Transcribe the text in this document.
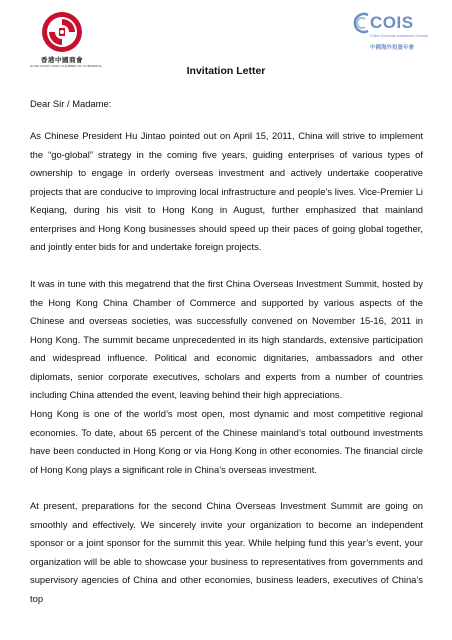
香港中國商會
HONG KONG CHINA CHAMBER OF COMMERCE
COIS
China Overseas Investment Summit
中國海外投資年會
Invitation Letter
Dear Sir / Madame:
As Chinese President Hu Jintao pointed out on April 15, 2011, China will strive to implement the “go-global” strategy in the coming five years, guiding enterprises of various types of ownership to engage in orderly overseas investment and actively undertake cooperative projects that are conducive to improving local infrastructure and people’s lives. Vice-Premier Li Keqiang, during his visit to Hong Kong in August, further emphasized that mainland enterprises and Hong Kong businesses should speed up their paces of going global together, and jointly enter bids for and undertake foreign projects.
It was in tune with this megatrend that the first China Overseas Investment Summit, hosted by the Hong Kong China Chamber of Commerce and supported by various aspects of the Chinese and overseas societies, was successfully convened on November 15-16, 2011 in Hong Kong. The summit became unprecedented in its high standards, extensive participation and widespread influence. Political and economic dignitaries, ambassadors and other diplomats, senior corporate executives, scholars and experts from a number of countries including China attended the event, leaving behind their high appreciations.
Hong Kong is one of the world’s most open, most dynamic and most competitive regional economies. To date, about 65 percent of the Chinese mainland’s total outbound investments have been conducted in Hong Kong or via Hong Kong in other economies. The financial circle of Hong Kong plays a significant role in China’s overseas investment.
At present, preparations for the second China Overseas Investment Summit are going on smoothly and effectively. We sincerely invite your organization to become an independent sponsor or a joint sponsor for the summit this year. While helping fund this year’s event, your organization will be able to showcase your business to representatives from governments and supervisory agencies of China and other economies, business leaders, executives of China’s top
